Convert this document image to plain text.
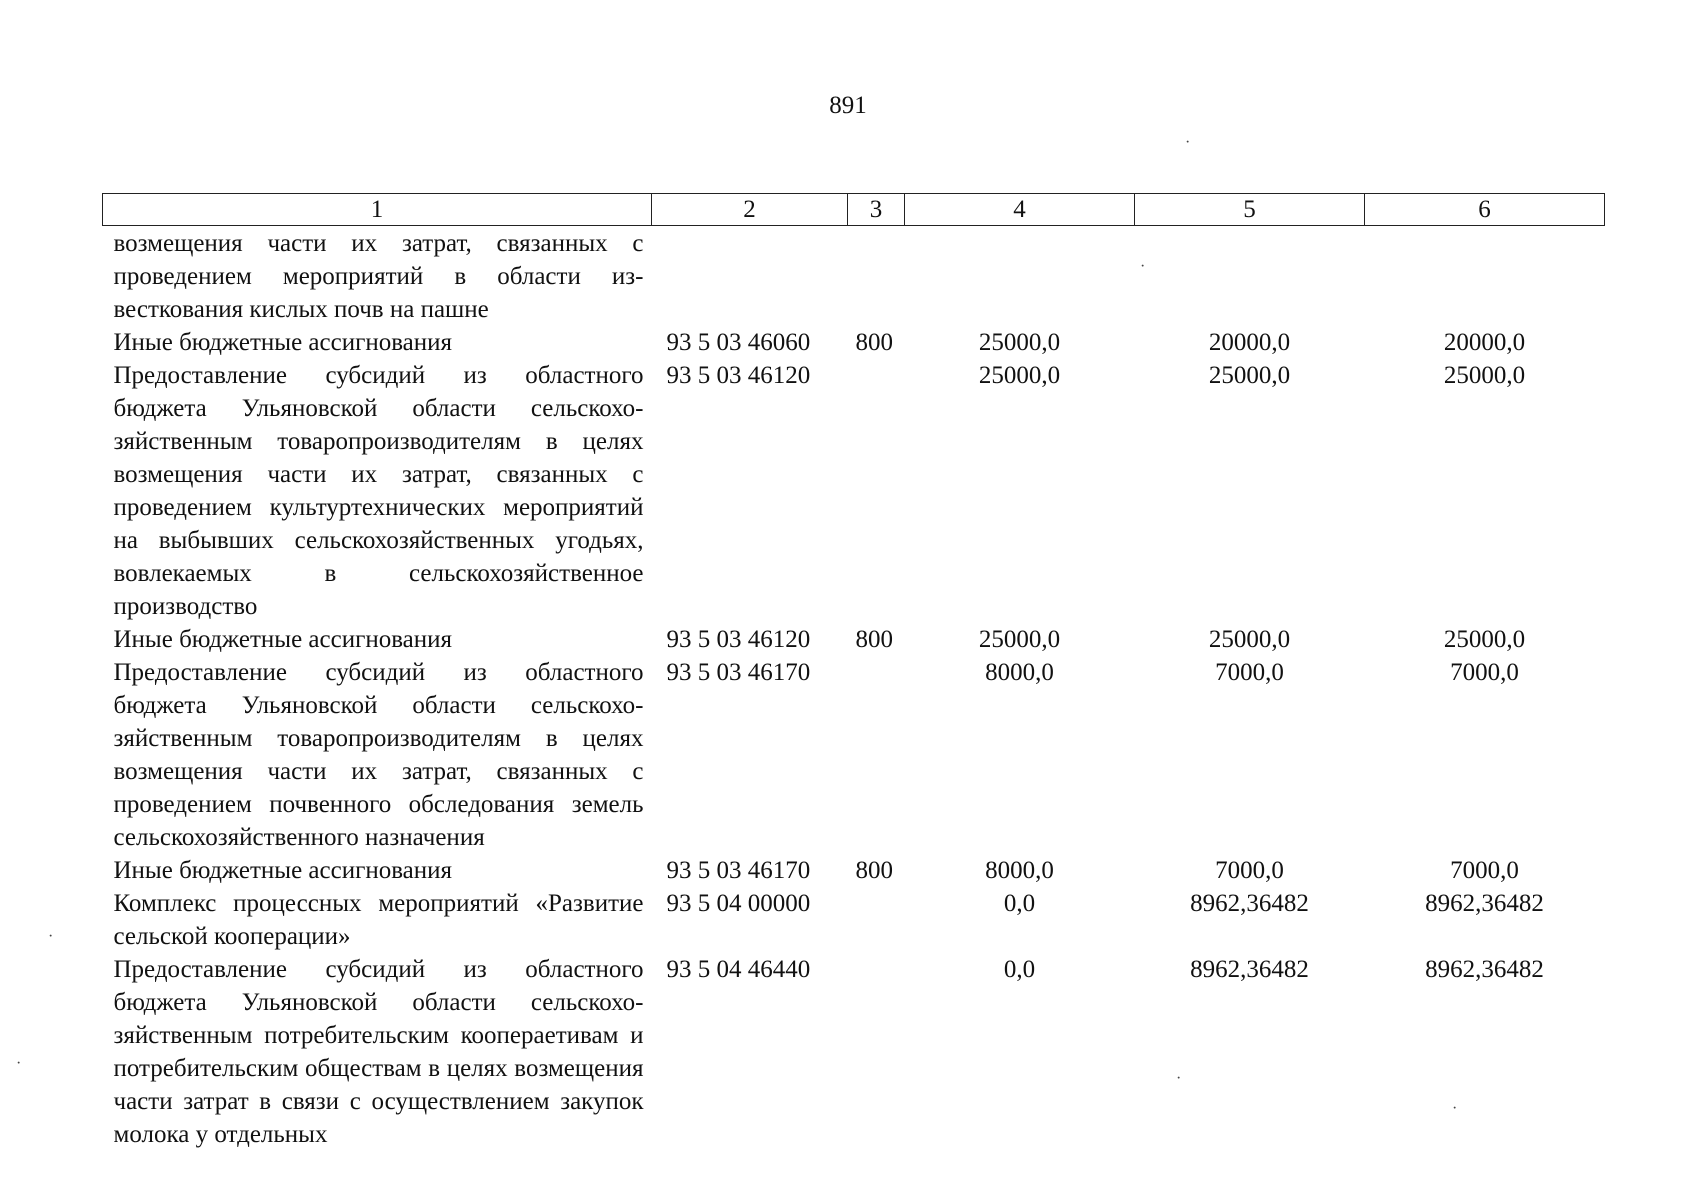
891
1	2	3	4	5	6
возмещения части их затрат, связанных с проведением мероприятий в области известкования кислых почв на пашне					
Иные бюджетные ассигнования	93 5 03 46060	800	25000,0	20000,0	20000,0
Предоставление субсидий из областного бюджета Ульяновской области сельскохозяйственным товаропроизводителям в целях возмещения части их затрат, связанных с проведением культуртехнических мероприятий на выбывших сельскохозяйственных угодьях, вовлекаемых в сельскохозяйственное производство	93 5 03 46120		25000,0	25000,0	25000,0
Иные бюджетные ассигнования	93 5 03 46120	800	25000,0	25000,0	25000,0
Предоставление субсидий из областного бюджета Ульяновской области сельскохозяйственным товаропроизводителям в целях возмещения части их затрат, связанных с проведением почвенного обследования земель сельскохозяйственного назначения	93 5 03 46170		8000,0	7000,0	7000,0
Иные бюджетные ассигнования	93 5 03 46170	800	8000,0	7000,0	7000,0
Комплекс процессных мероприятий «Развитие сельской кооперации»	93 5 04 00000		0,0	8962,36482	8962,36482
Предоставление субсидий из областного бюджета Ульяновской области сельскохозяйственным потребительским коопераетивам и потребительским обществам в целях возмещения части затрат в связи с осуществлением закупок молока у отдельных	93 5 04 46440		0,0	8962,36482	8962,36482
·
·
·
·
·
·
